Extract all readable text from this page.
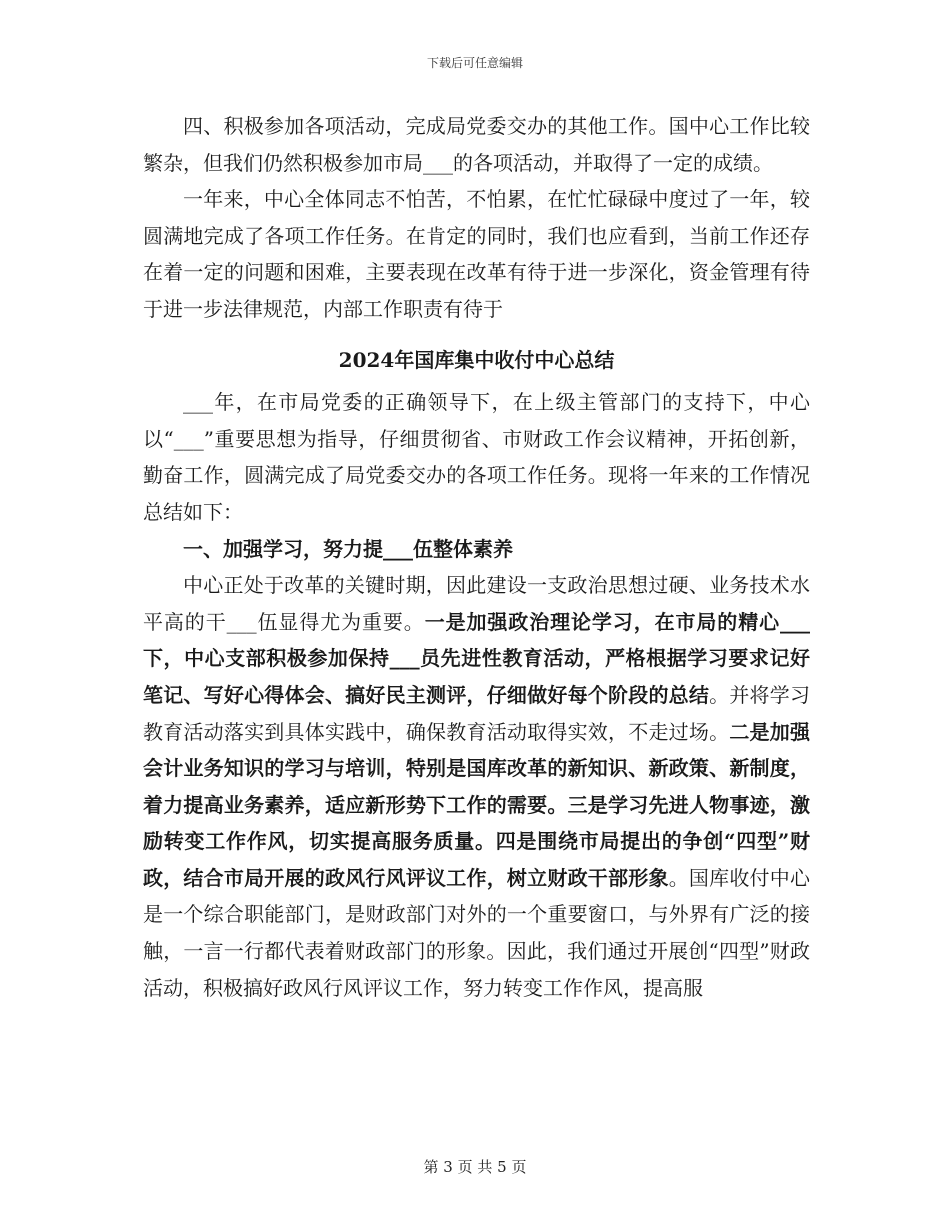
下载后可任意编辑

四、积极参加各项活动，完成局党委交办的其他工作。国中心工作比较繁杂，但我们仍然积极参加市局___的各项活动，并取得了一定的成绩。

一年来，中心全体同志不怕苦，不怕累，在忙忙碌碌中度过了一年，较圆满地完成了各项工作任务。在肯定的同时，我们也应看到，当前工作还存在着一定的问题和困难，主要表现在改革有待于进一步深化，资金管理有待于进一步法律规范，内部工作职责有待于

2024年国库集中收付中心总结

___年，在市局党委的正确领导下，在上级主管部门的支持下，中心以“___”重要思想为指导，仔细贯彻省、市财政工作会议精神，开拓创新，勤奋工作，圆满完成了局党委交办的各项工作任务。现将一年来的工作情况总结如下：

一、加强学习，努力提___伍整体素养

中心正处于改革的关键时期，因此建设一支政治思想过硬、业务技术水平高的干___伍显得尤为重要。一是加强政治理论学习，在市局的精心___下，中心支部积极参加保持___员先进性教育活动，严格根据学习要求记好笔记、写好心得体会、搞好民主测评，仔细做好每个阶段的总结。并将学习教育活动落实到具体实践中，确保教育活动取得实效，不走过场。二是加强会计业务知识的学习与培训，特别是国库改革的新知识、新政策、新制度，着力提高业务素养，适应新形势下工作的需要。三是学习先进人物事迹，激励转变工作作风，切实提高服务质量。四是围绕市局提出的争创“四型”财政，结合市局开展的政风行风评议工作，树立财政干部形象。国库收付中心是一个综合职能部门，是财政部门对外的一个重要窗口，与外界有广泛的接触，一言一行都代表着财政部门的形象。因此，我们通过开展创“四型”财政活动，积极搞好政风行风评议工作，努力转变工作作风，提高服

第 3 页 共 5 页
